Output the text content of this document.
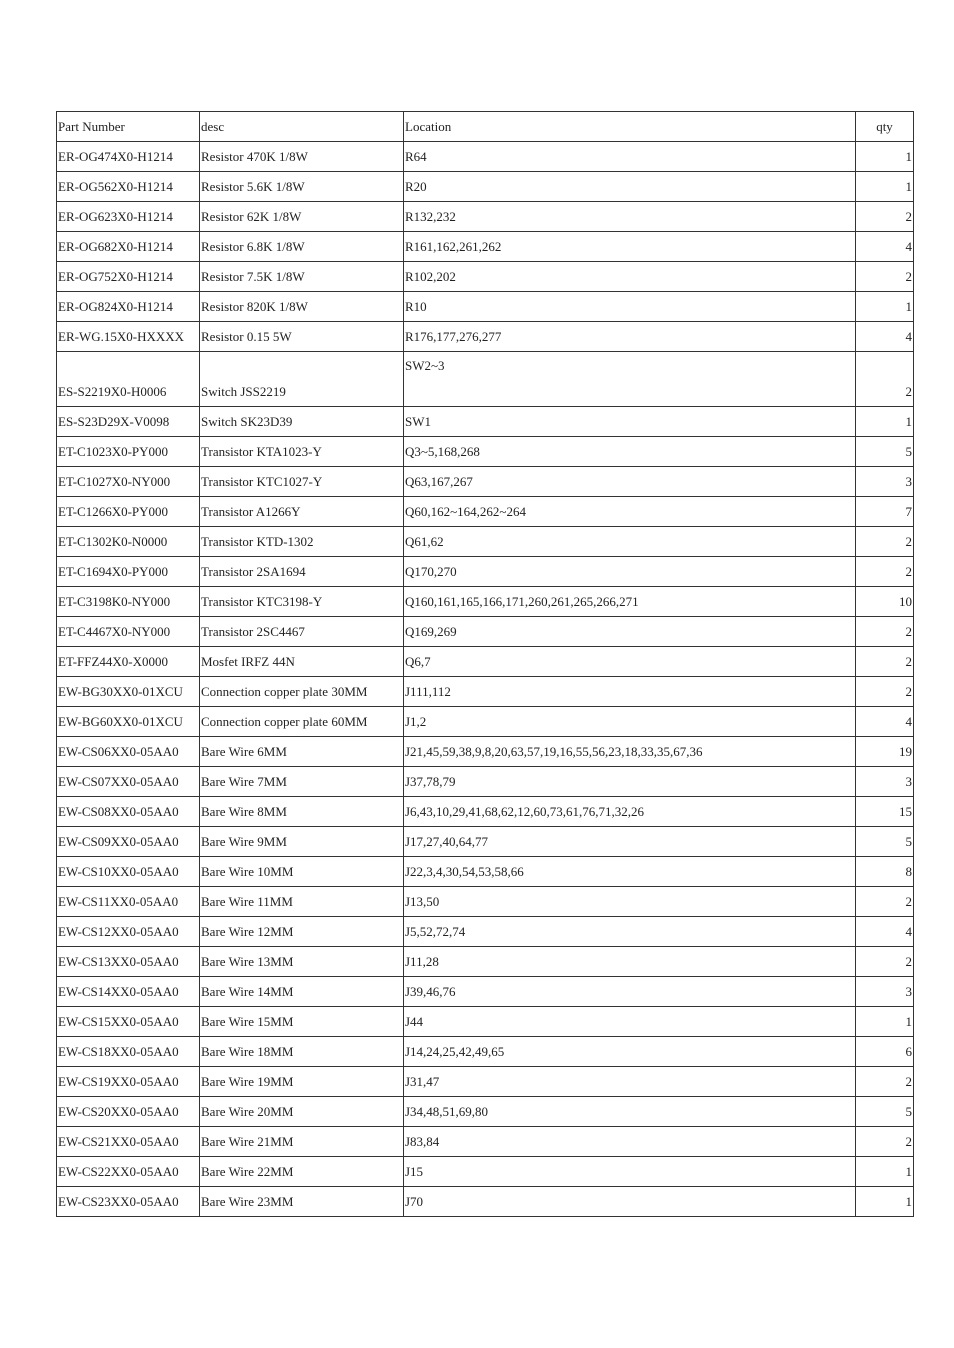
Part Number	desc	Location	qty
ER-OG474X0-H1214	Resistor 470K 1/8W	R64	1
ER-OG562X0-H1214	Resistor 5.6K 1/8W	R20	1
ER-OG623X0-H1214	Resistor 62K 1/8W	R132,232	2
ER-OG682X0-H1214	Resistor 6.8K 1/8W	R161,162,261,262	4
ER-OG752X0-H1214	Resistor 7.5K 1/8W	R102,202	2
ER-OG824X0-H1214	Resistor 820K 1/8W	R10	1
ER-WG.15X0-HXXXX	Resistor 0.15 5W	R176,177,276,277	4
ES-S2219X0-H0006	Switch JSS2219	SW2~3	2
ES-S23D29X-V0098	Switch SK23D39	SW1	1
ET-C1023X0-PY000	Transistor KTA1023-Y	Q3~5,168,268	5
ET-C1027X0-NY000	Transistor KTC1027-Y	Q63,167,267	3
ET-C1266X0-PY000	Transistor A1266Y	Q60,162~164,262~264	7
ET-C1302K0-N0000	Transistor KTD-1302	Q61,62	2
ET-C1694X0-PY000	Transistor 2SA1694	Q170,270	2
ET-C3198K0-NY000	Transistor KTC3198-Y	Q160,161,165,166,171,260,261,265,266,271	10
ET-C4467X0-NY000	Transistor 2SC4467	Q169,269	2
ET-FFZ44X0-X0000	Mosfet IRFZ 44N	Q6,7	2
EW-BG30XX0-01XCU	Connection copper plate 30MM	J111,112	2
EW-BG60XX0-01XCU	Connection copper plate 60MM	J1,2	4
EW-CS06XX0-05AA0	Bare Wire 6MM	J21,45,59,38,9,8,20,63,57,19,16,55,56,23,18,33,35,67,36	19
EW-CS07XX0-05AA0	Bare Wire 7MM	J37,78,79	3
EW-CS08XX0-05AA0	Bare Wire 8MM	J6,43,10,29,41,68,62,12,60,73,61,76,71,32,26	15
EW-CS09XX0-05AA0	Bare Wire 9MM	J17,27,40,64,77	5
EW-CS10XX0-05AA0	Bare Wire 10MM	J22,3,4,30,54,53,58,66	8
EW-CS11XX0-05AA0	Bare Wire 11MM	J13,50	2
EW-CS12XX0-05AA0	Bare Wire 12MM	J5,52,72,74	4
EW-CS13XX0-05AA0	Bare Wire 13MM	J11,28	2
EW-CS14XX0-05AA0	Bare Wire 14MM	J39,46,76	3
EW-CS15XX0-05AA0	Bare Wire 15MM	J44	1
EW-CS18XX0-05AA0	Bare Wire 18MM	J14,24,25,42,49,65	6
EW-CS19XX0-05AA0	Bare Wire 19MM	J31,47	2
EW-CS20XX0-05AA0	Bare Wire 20MM	J34,48,51,69,80	5
EW-CS21XX0-05AA0	Bare Wire 21MM	J83,84	2
EW-CS22XX0-05AA0	Bare Wire 22MM	J15	1
EW-CS23XX0-05AA0	Bare Wire 23MM	J70	1
